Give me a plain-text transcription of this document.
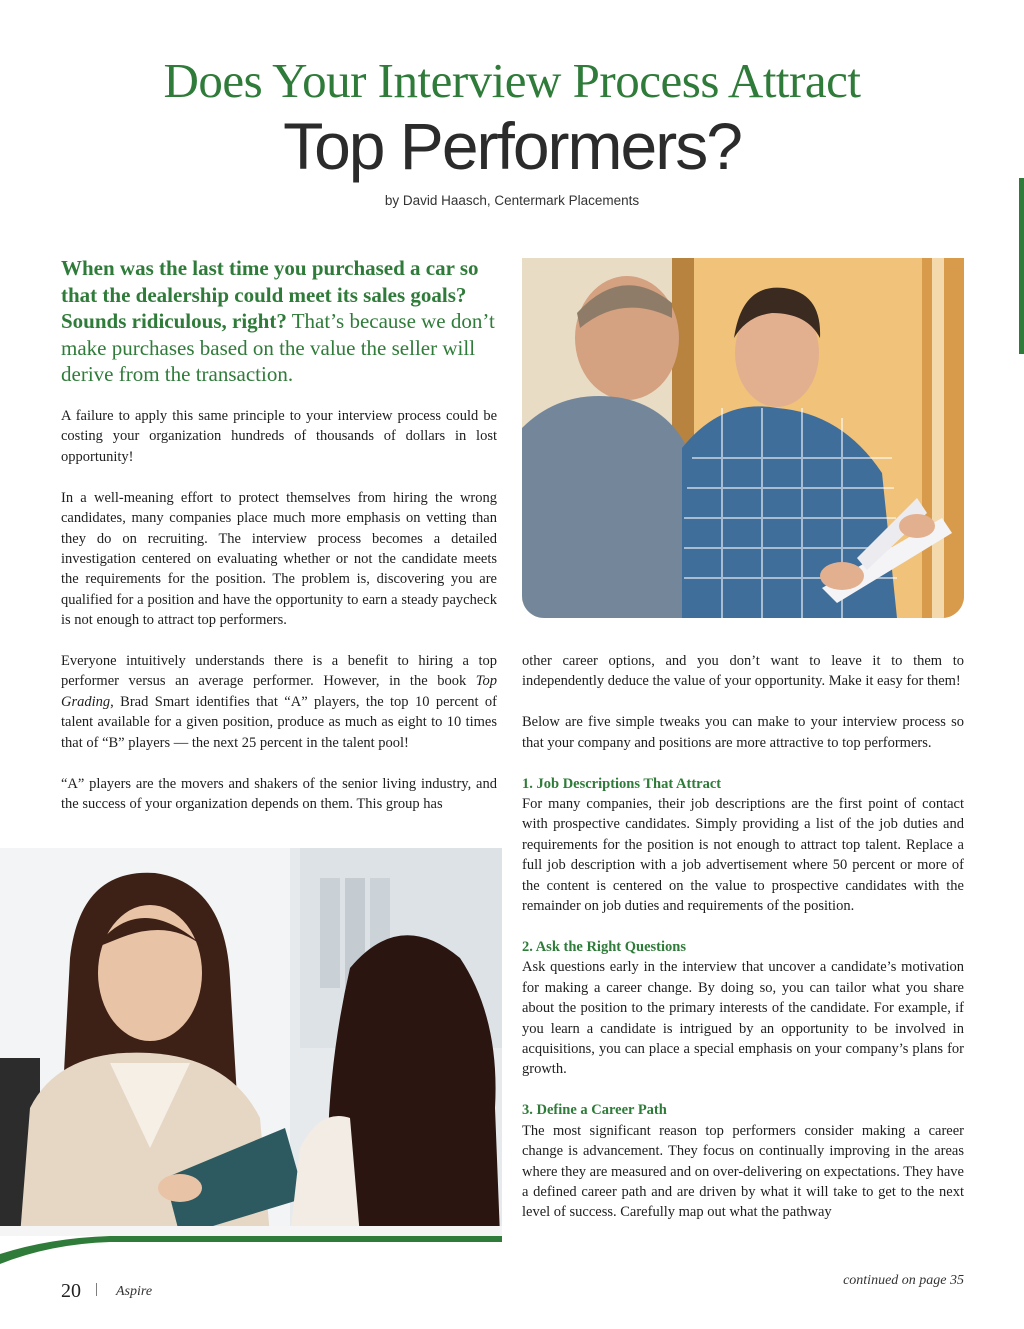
Does Your Interview Process Attract
Top Performers?
by David Haasch, Centermark Placements
When was the last time you purchased a car so that the dealership could meet its sales goals? Sounds ridiculous, right? That’s because we don’t make purchases based on the value the seller will derive from the transaction.

A failure to apply this same principle to your interview process could be costing your organization hundreds of thousands of dollars in lost opportunity!

In a well-meaning effort to protect themselves from hiring the wrong candidates, many companies place much more emphasis on vetting than they do on recruiting. The interview process becomes a detailed investigation centered on evaluating whether or not the candidate meets the requirements for the position. The problem is, discovering you are qualified for a position and have the opportunity to earn a steady paycheck is not enough to attract top performers.

Everyone intuitively understands there is a benefit to hiring a top performer versus an average performer. However, in the book Top Grading, Brad Smart identifies that “A” players, the top 10 percent of talent available for a given position, produce as much as eight to 10 times that of “B” players — the next 25 percent in the talent pool!

“A” players are the movers and shakers of the senior living industry, and the success of your organization depends on them. This group has

other career options, and you don’t want to leave it to them to independently deduce the value of your opportunity. Make it easy for them!

Below are five simple tweaks you can make to your interview process so that your company and positions are more attractive to top performers.

1. Job Descriptions That Attract

For many companies, their job descriptions are the first point of contact with prospective candidates. Simply providing a list of the job duties and requirements for the position is not enough to attract top talent. Replace a full job description with a job advertisement where 50 percent or more of the content is centered on the value to prospective candidates with the remainder on job duties and requirements of the position.

2. Ask the Right Questions

Ask questions early in the interview that uncover a candidate’s motivation for making a career change. By doing so, you can tailor what you share about the position to the primary interests of the candidate. For example, if you learn a candidate is intrigued by an opportunity to be involved in acquisitions, you can place a special emphasis on your company’s plans for growth.

3. Define a Career Path

The most significant reason top performers consider making a career change is advancement. They focus on continually improving in the areas where they are measured and on over-delivering on expectations. They have a defined career path and are driven by what it will take to get to the next level of success. Carefully map out what the pathway

20 | Aspire
continued on page 35
